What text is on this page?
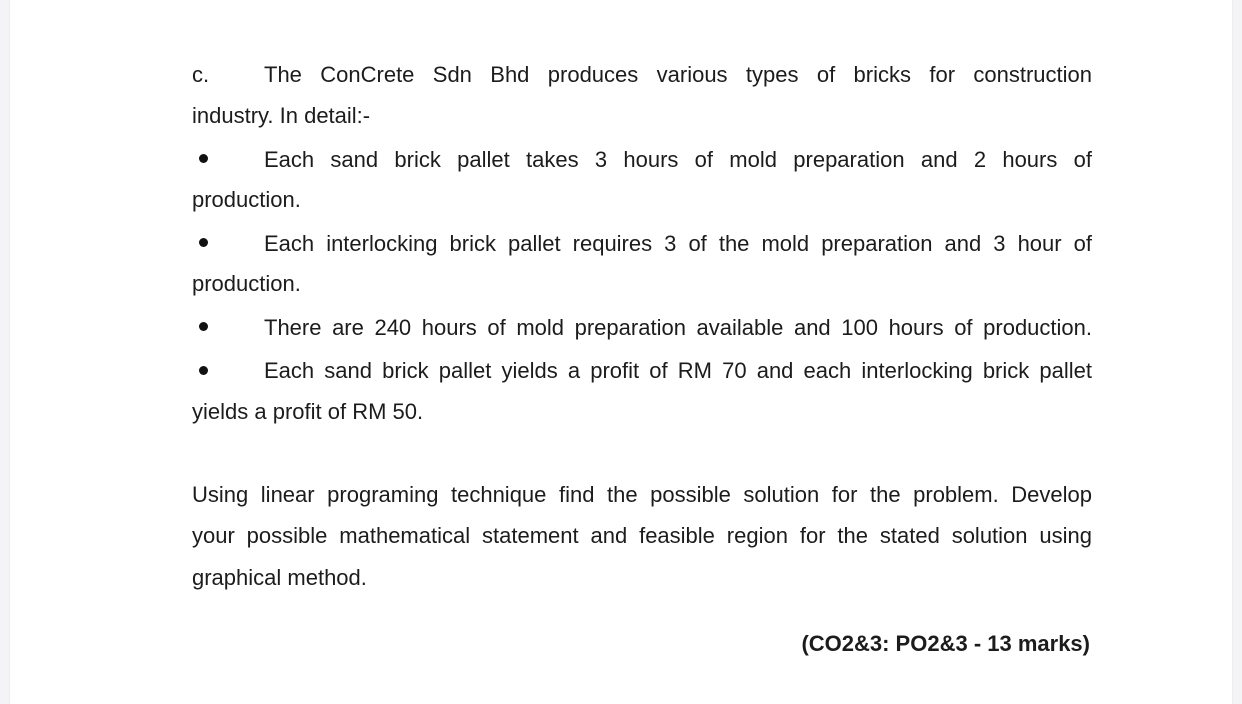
c. The ConCrete Sdn Bhd produces various types of bricks for construction
industry. In detail:-
Each sand brick pallet takes 3 hours of mold preparation and 2 hours of
production.
Each interlocking brick pallet requires 3 of the mold preparation and 3 hour of
production.
There are 240 hours of mold preparation available and 100 hours of production.
Each sand brick pallet yields a profit of RM 70 and each interlocking brick pallet
yields a profit of RM 50.
Using linear programing technique find the possible solution for the problem. Develop
your possible mathematical statement and feasible region for the stated solution using
graphical method.
(CO2&3: PO2&3 - 13 marks)
